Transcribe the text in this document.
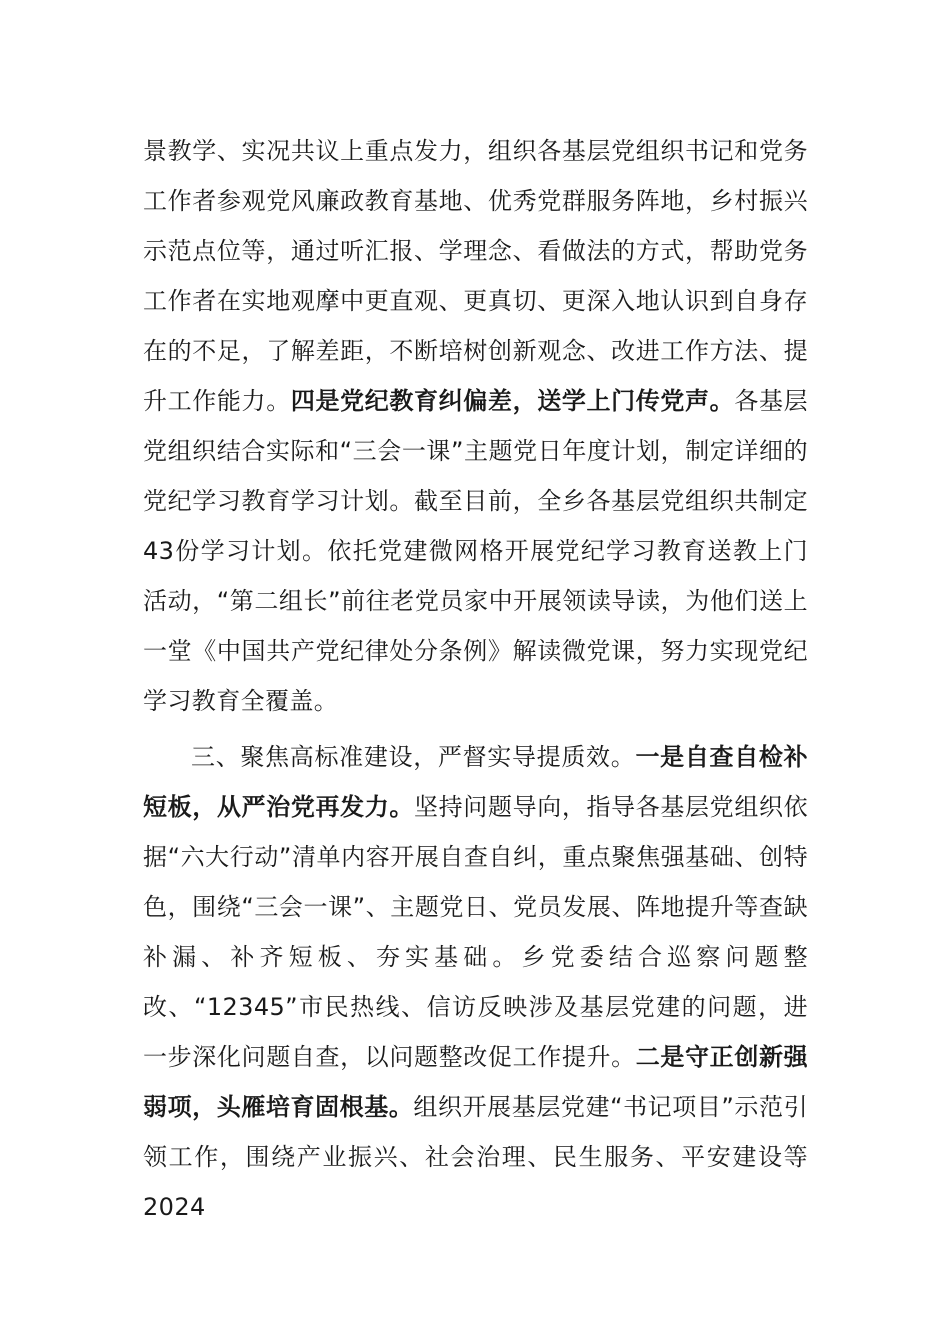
景教学、实况共议上重点发力，组织各基层党组织书记和党务工作者参观党风廉政教育基地、优秀党群服务阵地，乡村振兴示范点位等，通过听汇报、学理念、看做法的方式，帮助党务工作者在实地观摩中更直观、更真切、更深入地认识到自身存在的不足，了解差距，不断培树创新观念、改进工作方法、提升工作能力。四是党纪教育纠偏差，送学上门传党声。各基层党组织结合实际和“三会一课”主题党日年度计划，制定详细的党纪学习教育学习计划。截至目前，全乡各基层党组织共制定43份学习计划。依托党建微网格开展党纪学习教育送教上门活动，“第二组长”前往老党员家中开展领读导读，为他们送上一堂《中国共产党纪律处分条例》解读微党课，努力实现党纪学习教育全覆盖。

三、聚焦高标准建设，严督实导提质效。一是自查自检补短板，从严治党再发力。坚持问题导向，指导各基层党组织依据“六大行动”清单内容开展自查自纠，重点聚焦强基础、创特色，围绕“三会一课”、主题党日、党员发展、阵地提升等查缺补漏、补齐短板、夯实基础。乡党委结合巡察问题整改、“12345”市民热线、信访反映涉及基层党建的问题，进一步深化问题自查，以问题整改促工作提升。二是守正创新强弱项，头雁培育固根基。组织开展基层党建“书记项目”示范引领工作，围绕产业振兴、社会治理、民生服务、平安建设等2024
